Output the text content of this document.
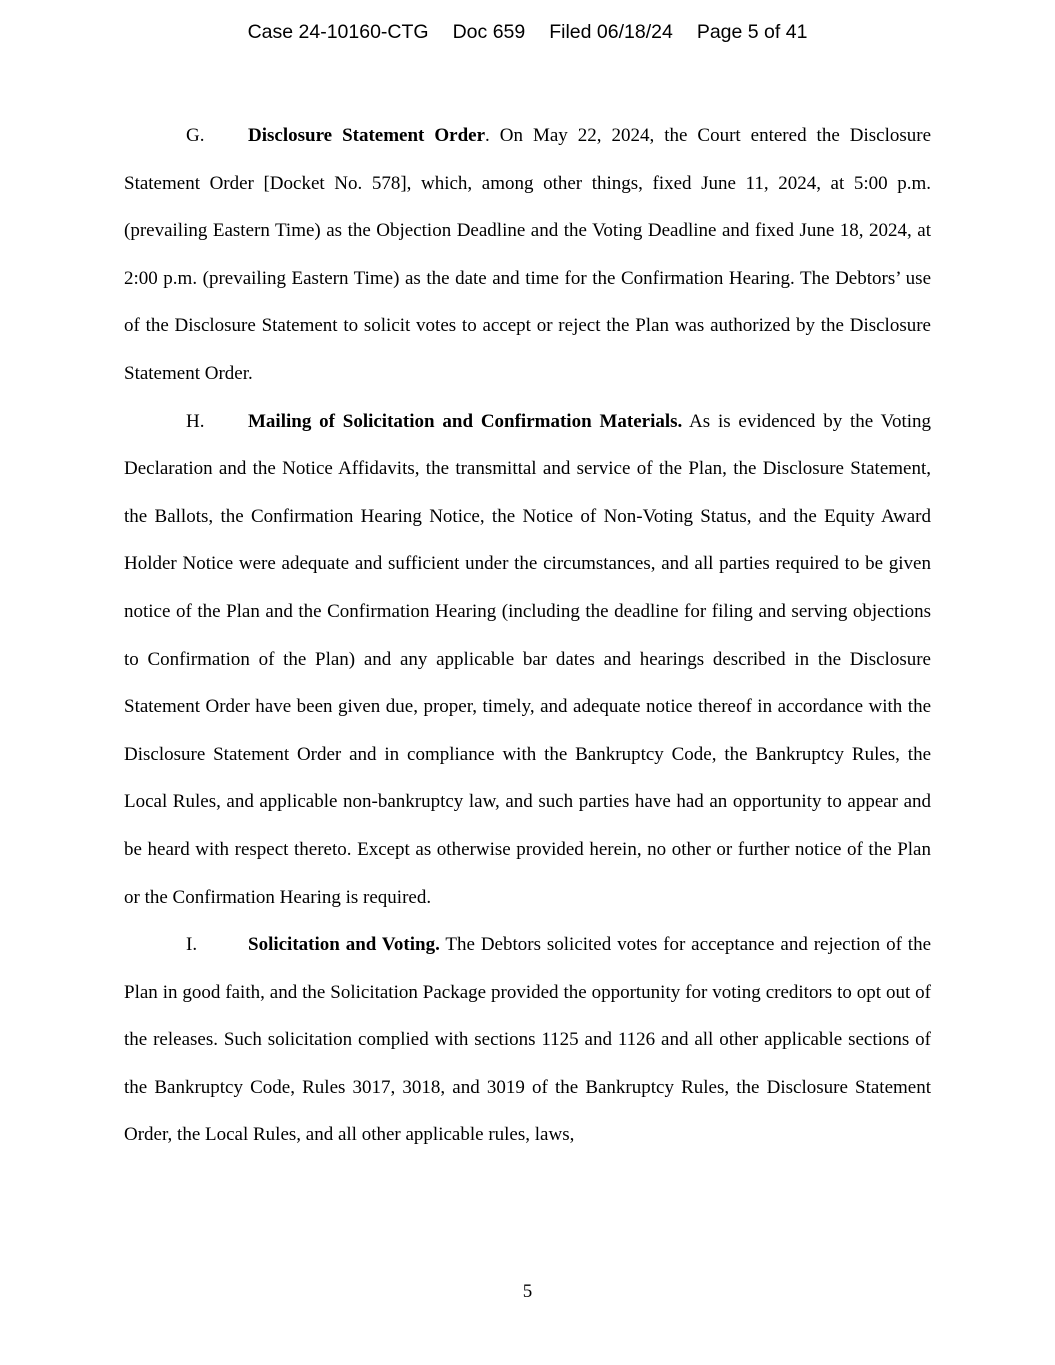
Case 24-10160-CTG Doc 659 Filed 06/18/24 Page 5 of 41

G. Disclosure Statement Order. On May 22, 2024, the Court entered the Disclosure Statement Order [Docket No. 578], which, among other things, fixed June 11, 2024, at 5:00 p.m. (prevailing Eastern Time) as the Objection Deadline and the Voting Deadline and fixed June 18, 2024, at 2:00 p.m. (prevailing Eastern Time) as the date and time for the Confirmation Hearing. The Debtors’ use of the Disclosure Statement to solicit votes to accept or reject the Plan was authorized by the Disclosure Statement Order.

H. Mailing of Solicitation and Confirmation Materials. As is evidenced by the Voting Declaration and the Notice Affidavits, the transmittal and service of the Plan, the Disclosure Statement, the Ballots, the Confirmation Hearing Notice, the Notice of Non-Voting Status, and the Equity Award Holder Notice were adequate and sufficient under the circumstances, and all parties required to be given notice of the Plan and the Confirmation Hearing (including the deadline for filing and serving objections to Confirmation of the Plan) and any applicable bar dates and hearings described in the Disclosure Statement Order have been given due, proper, timely, and adequate notice thereof in accordance with the Disclosure Statement Order and in compliance with the Bankruptcy Code, the Bankruptcy Rules, the Local Rules, and applicable non-bankruptcy law, and such parties have had an opportunity to appear and be heard with respect thereto. Except as otherwise provided herein, no other or further notice of the Plan or the Confirmation Hearing is required.

I.	Solicitation and Voting. The Debtors solicited votes for acceptance and rejection of the Plan in good faith, and the Solicitation Package provided the opportunity for voting creditors to opt out of the releases. Such solicitation complied with sections 1125 and 1126 and all other applicable sections of the Bankruptcy Code, Rules 3017, 3018, and 3019 of the Bankruptcy Rules, the Disclosure Statement Order, the Local Rules, and all other applicable rules, laws,

5
